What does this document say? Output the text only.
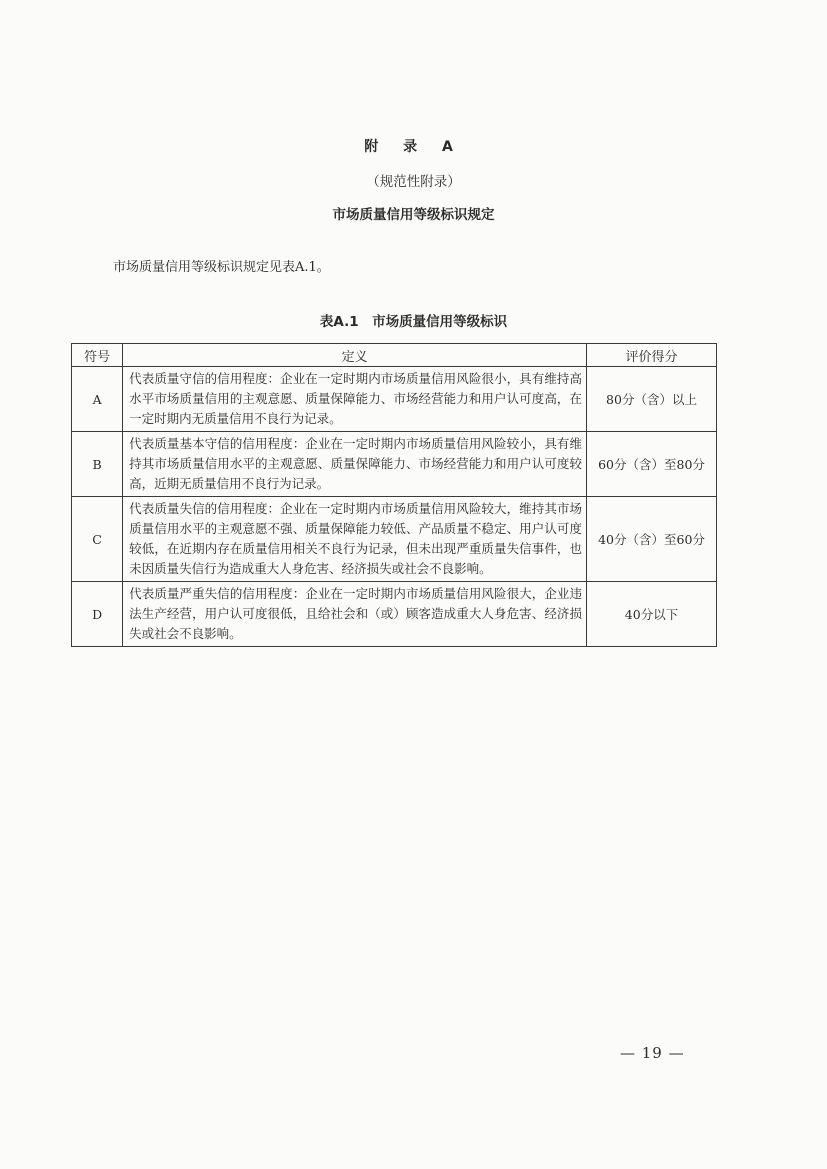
附 录 A
（规范性附录）
市场质量信用等级标识规定
市场质量信用等级标识规定见表A.1。
表A.1　市场质量信用等级标识
符号	定义	评价得分
A	代表质量守信的信用程度：企业在一定时期内市场质量信用风险很小，具有维持高水平市场质量信用的主观意愿、质量保障能力、市场经营能力和用户认可度高，在一定时期内无质量信用不良行为记录。	80分（含）以上
B	代表质量基本守信的信用程度：企业在一定时期内市场质量信用风险较小，具有维持其市场质量信用水平的主观意愿、质量保障能力、市场经营能力和用户认可度较高，近期无质量信用不良行为记录。	60分（含）至80分
C	代表质量失信的信用程度：企业在一定时期内市场质量信用风险较大，维持其市场质量信用水平的主观意愿不强、质量保障能力较低、产品质量不稳定、用户认可度较低，在近期内存在质量信用相关不良行为记录，但未出现严重质量失信事件，也未因质量失信行为造成重大人身危害、经济损失或社会不良影响。	40分（含）至60分
D	代表质量严重失信的信用程度：企业在一定时期内市场质量信用风险很大，企业违法生产经营，用户认可度很低，且给社会和（或）顾客造成重大人身危害、经济损失或社会不良影响。	40分以下
— 19 —
